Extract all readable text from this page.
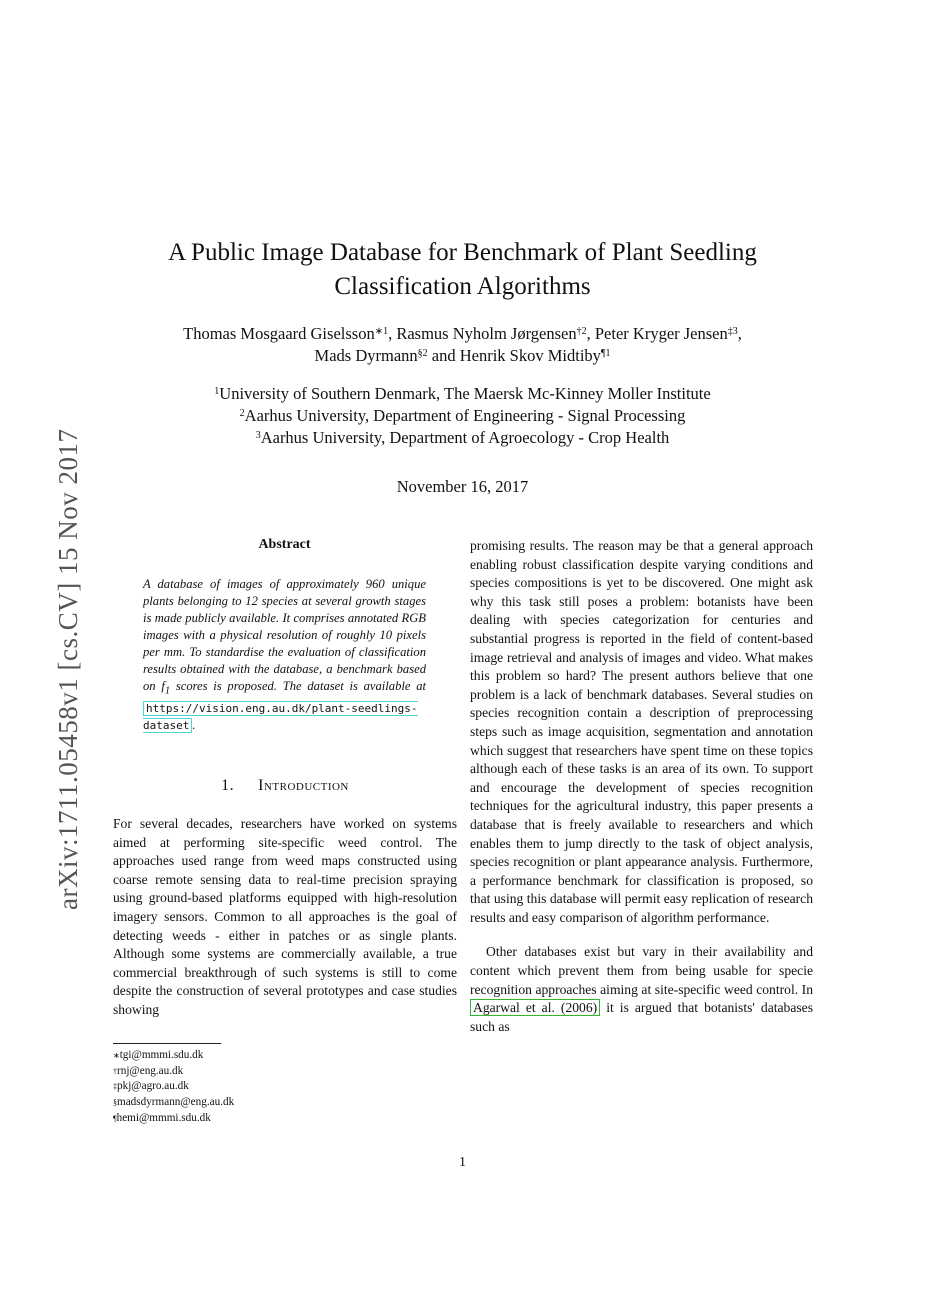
arXiv:1711.05458v1 [cs.CV] 15 Nov 2017
A Public Image Database for Benchmark of Plant Seedling Classification Algorithms
Thomas Mosgaard Giselsson$^{∗1}$, Rasmus Nyholm Jørgensen$^{\dagger 2}$, Peter Kryger Jensen$^{\ddagger 3}$,
Mads Dyrmann$^{\S 2}$ and Henrik Skov Midtiby$^{\P 1}$
$^1$University of Southern Denmark, The Maersk Mc-Kinney Moller Institute
$^2$Aarhus University, Department of Engineering - Signal Processing
$^3$Aarhus University, Department of Agroecology - Crop Health
November 16, 2017
Abstract
A database of images of approximately 960 unique plants belonging to 12 species at several growth stages is made publicly available. It comprises annotated RGB images with a physical resolution of roughly 10 pixels per mm. To standardise the evaluation of classification results obtained with the database, a benchmark based on $f_1$ scores is proposed. The dataset is available at https://vision.eng.au.dk/plant-seedlings-dataset .
1. Introduction
For several decades, researchers have worked on systems aimed at performing site-specific weed control. The approaches used range from weed maps constructed using coarse remote sensing data to real-time precision spraying using ground-based platforms equipped with high-resolution imagery sensors. Common to all approaches is the goal of detecting weeds - either in patches or as single plants. Although some systems are commercially available, a true commercial breakthrough of such systems is still to come despite the construction of several prototypes and case studies showing

promising results. The reason may be that a general approach enabling robust classification despite varying conditions and species compositions is yet to be discovered. One might ask why this task still poses a problem: botanists have been dealing with species categorization for centuries and substantial progress is reported in the field of content-based image retrieval and analysis of images and video. What makes this problem so hard? The present authors believe that one problem is a lack of benchmark databases. Several studies on species recognition contain a description of preprocessing steps such as image acquisition, segmentation and annotation which suggest that researchers have spent time on these topics although each of these tasks is an area of its own. To support and encourage the development of species recognition techniques for the agricultural industry, this paper presents a database that is freely available to researchers and which enables them to jump directly to the task of object analysis, species recognition or plant appearance analysis. Furthermore, a performance benchmark for classification is proposed, so that using this database will permit easy replication of research results and easy comparison of algorithm performance.

Other databases exist but vary in their availability and content which prevent them from being usable for specie recognition approaches aiming at site-specific weed control. In Agarwal et al. (2006) it is argued that botanists' databases such as

∗tgi@mmmi.sdu.dk
†rnj@eng.au.dk
‡pkj@agro.au.dk
§madsdyrmann@eng.au.dk
¶hemi@mmmi.sdu.dk
1
